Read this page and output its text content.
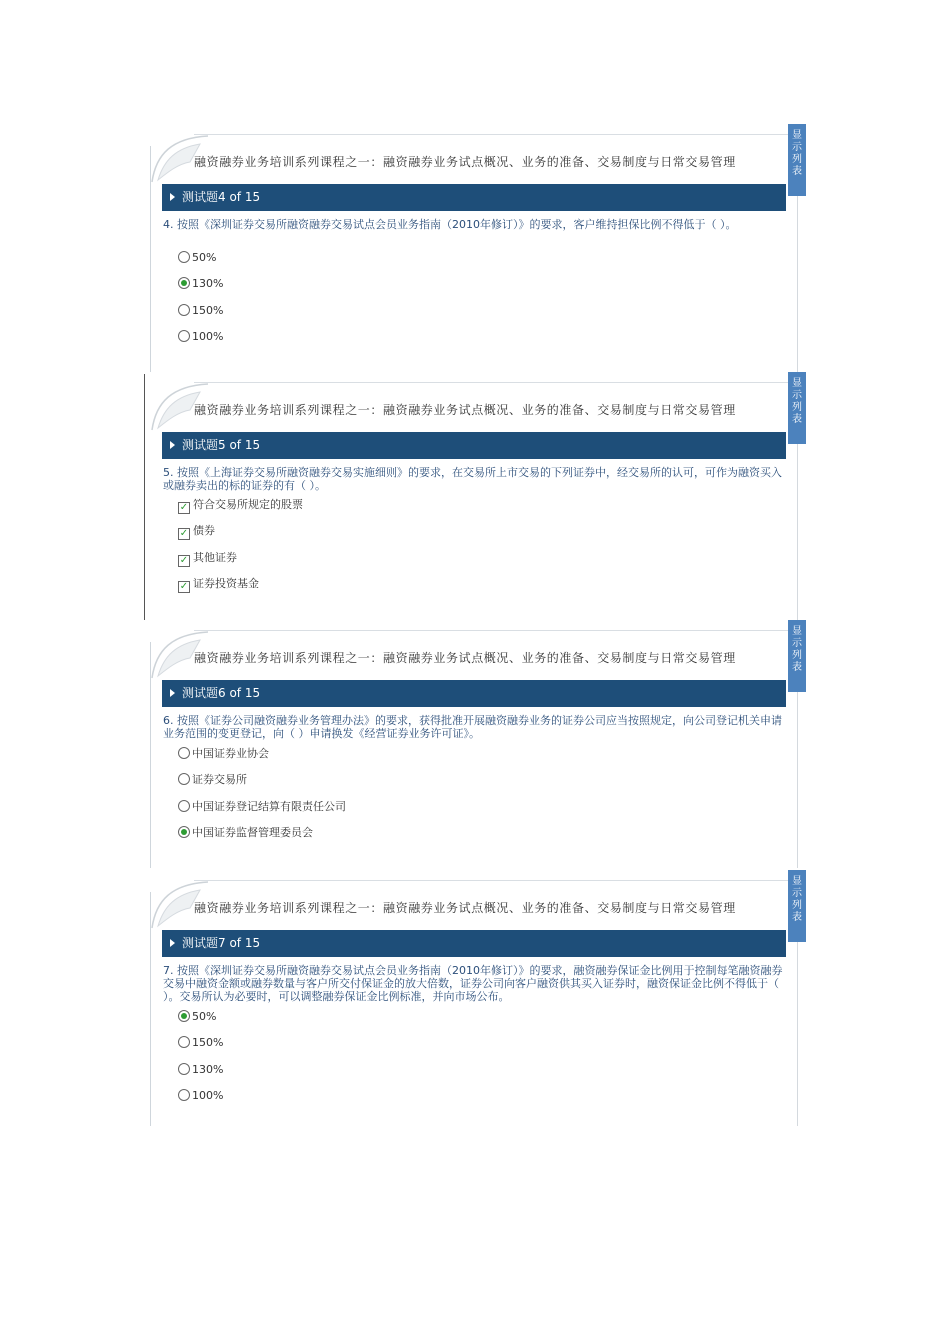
融资融券业务培训系列课程之一：融资融券业务试点概况、业务的准备、交易制度与日常交易管理
显示列表
测试题4 of 15
4. 按照《深圳证券交易所融资融券交易试点会员业务指南（2010年修订）》的要求，客户维持担保比例不得低于（ ）。
50%
130%
150%
100%
融资融券业务培训系列课程之一：融资融券业务试点概况、业务的准备、交易制度与日常交易管理
显示列表
测试题5 of 15
5. 按照《上海证券交易所融资融券交易实施细则》的要求，在交易所上市交易的下列证券中，经交易所的认可，可作为融资买入或融券卖出的标的证券的有（ ）。
✓ 符合交易所规定的股票
✓ 债券
✓ 其他证券
✓ 证券投资基金
融资融券业务培训系列课程之一：融资融券业务试点概况、业务的准备、交易制度与日常交易管理
显示列表
测试题6 of 15
6. 按照《证券公司融资融券业务管理办法》的要求，获得批准开展融资融券业务的证券公司应当按照规定，向公司登记机关申请业务范围的变更登记，向（ ）申请换发《经营证券业务许可证》。
中国证券业协会
证券交易所
中国证券登记结算有限责任公司
中国证券监督管理委员会
融资融券业务培训系列课程之一：融资融券业务试点概况、业务的准备、交易制度与日常交易管理
显示列表
测试题7 of 15
7. 按照《深圳证券交易所融资融券交易试点会员业务指南（2010年修订）》的要求，融资融券保证金比例用于控制每笔融资融券交易中融资金额或融券数量与客户所交付保证金的放大倍数，证券公司向客户融资供其买入证券时，融资保证金比例不得低于（ ）。交易所认为必要时，可以调整融券保证金比例标准，并向市场公布。
50%
150%
130%
100%
